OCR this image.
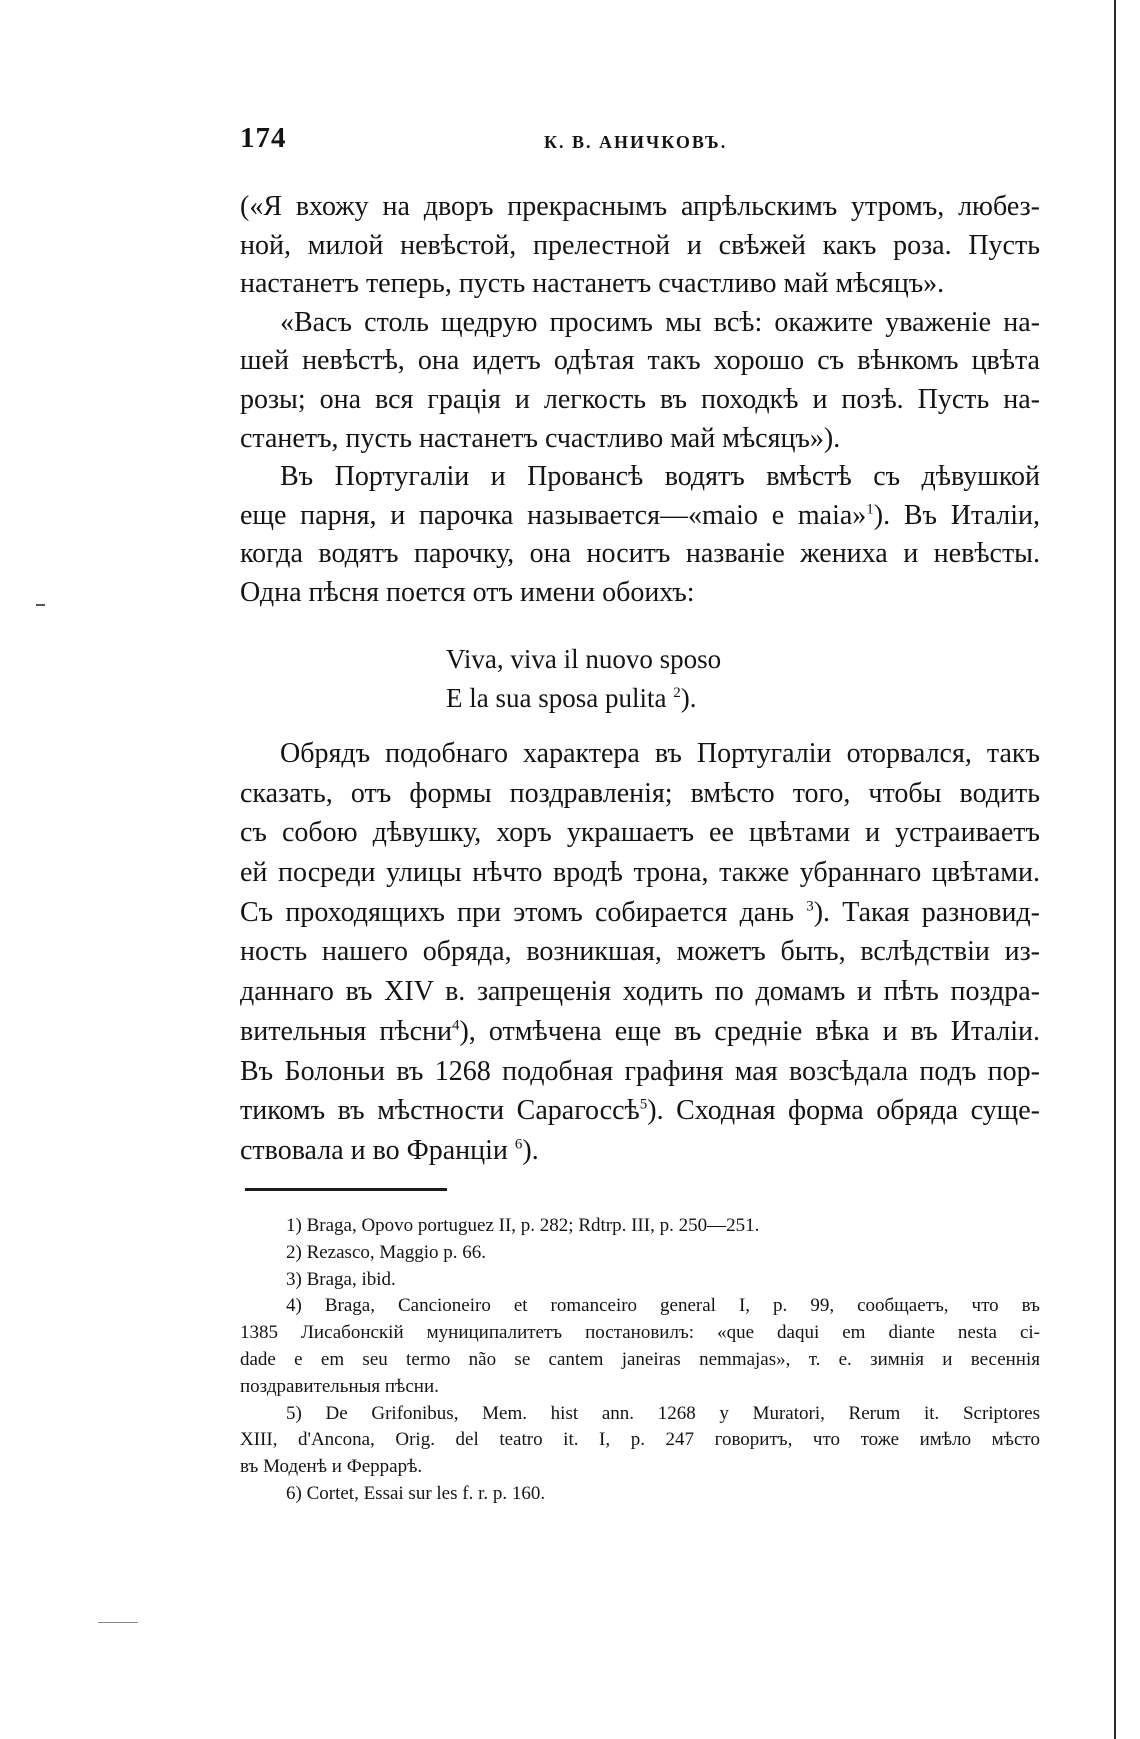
174	К. В. АНИЧКОВЪ.
(«Я вхожу на дворъ прекраснымъ апрѣльскимъ утромъ, любез-
ной, милой невѣстой, прелестной и свѣжей какъ роза. Пусть
настанетъ теперь, пусть настанетъ счастливо май мѣсяцъ».
«Васъ столь щедрую просимъ мы всѣ: окажите уваженіе на-
шей невѣстѣ, она идетъ одѣтая такъ хорошо съ вѣнкомъ цвѣта
розы; она вся грація и легкость въ походкѣ и позѣ. Пусть на-
станетъ, пусть настанетъ счастливо май мѣсяцъ»).
Въ Португаліи и Провансѣ водятъ вмѣстѣ съ дѣвушкой
еще парня, и парочка называется—«maio e maia»$^1$). Въ Италіи,
когда водятъ парочку, она носитъ названіе жениха и невѣсты.
Одна пѣсня поется отъ имени обоихъ:
Viva, viva il nuovo sposo
E la sua sposa pulita $^2$).
Обрядъ подобнаго характера въ Португаліи оторвался, такъ
сказать, отъ формы поздравленія; вмѣсто того, чтобы водить
съ собою дѣвушку, хоръ украшаетъ ее цвѣтами и устраиваетъ
ей посреди улицы нѣчто вродѣ трона, также убраннаго цвѣтами.
Съ проходящихъ при этомъ собирается дань $^3$). Такая разновид-
ность нашего обряда, возникшая, можетъ быть, вслѣдствіи из-
даннаго въ XIV в. запрещенія ходить по домамъ и пѣть поздра-
вительныя пѣсни$^4$), отмѣчена еще въ средніе вѣка и въ Италіи.
Въ Болоньи въ 1268 подобная графиня мая возсѣдала подъ пор-
тикомъ въ мѣстности Сарагоссѣ$^5$). Сходная форма обряда суще-
ствовала и во Франціи $^6$).
1) Braga, Opovo portuguez II, p. 282; Rdtrp. III, p. 250—251.
2) Rezasco, Maggio p. 66.
3) Braga, ibid.
4) Braga, Cancioneiro et romanceiro general I, p. 99, сообщаетъ, что въ
1385 Лисабонскій муниципалитетъ постановилъ: «que daqui em diante nesta ci-
dade e em seu termo não se cantem janeiras nemmajas», т. е. зимнія и весеннія
поздравительныя пѣсни.
5) De Grifonibus, Mem. hist ann. 1268 y Muratori, Rerum it. Scriptores
XIII, d'Ancona, Orig. del teatro it. I, p. 247 говоритъ, что тоже имѣло мѣсто
въ Моденѣ и Феррарѣ.
6) Cortet, Essai sur les f. r. p. 160.
